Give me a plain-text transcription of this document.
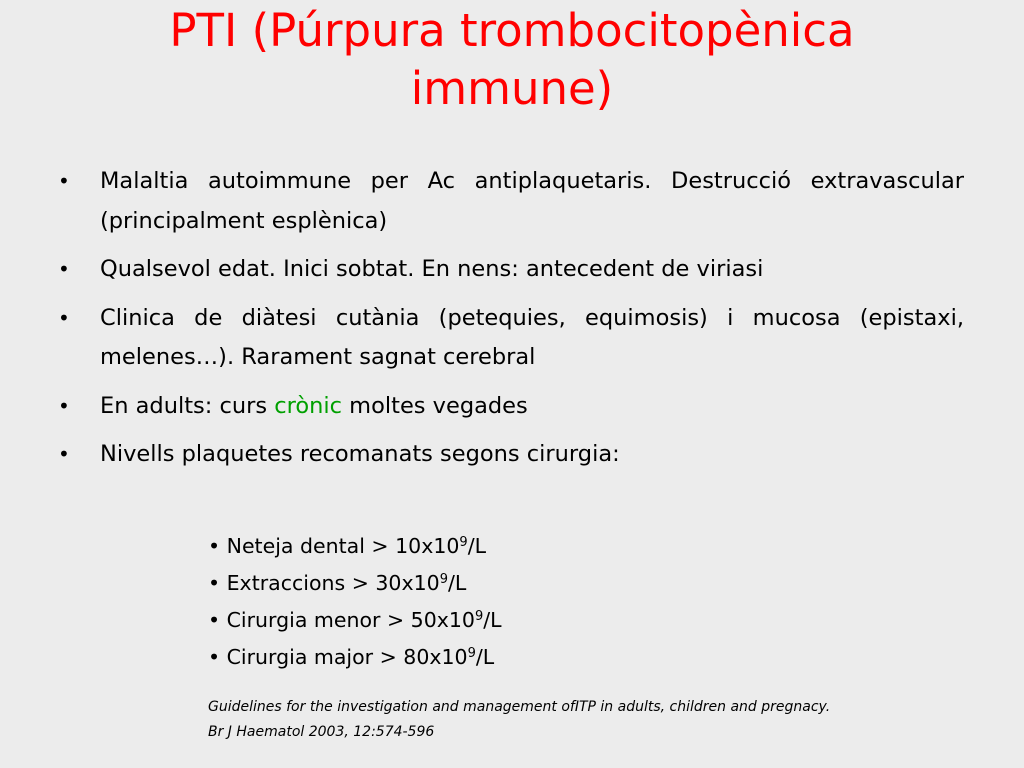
PTI (Púrpura trombocitopènica
immune)
• Malaltia autoimmune per Ac antiplaquetaris. Destrucció extravascular (principalment esplènica)
• Qualsevol edat. Inici sobtat. En nens: antecedent de viriasi
• Clinica de diàtesi cutània (petequies, equimosis) i mucosa (epistaxi, melenes…). Rarament sagnat cerebral
• En adults: curs crònic moltes vegades
• Nivells plaquetes recomanats segons cirurgia:
• Neteja dental > $10x10^9/L$
• Extraccions > $30x10^9/L$
• Cirurgia menor > $50x10^9/L$
• Cirurgia major > $80x10^9/L$
Guidelines for the investigation and management ofITP in adults, children and pregnacy.
Br J Haematol 2003, 12:574-596
